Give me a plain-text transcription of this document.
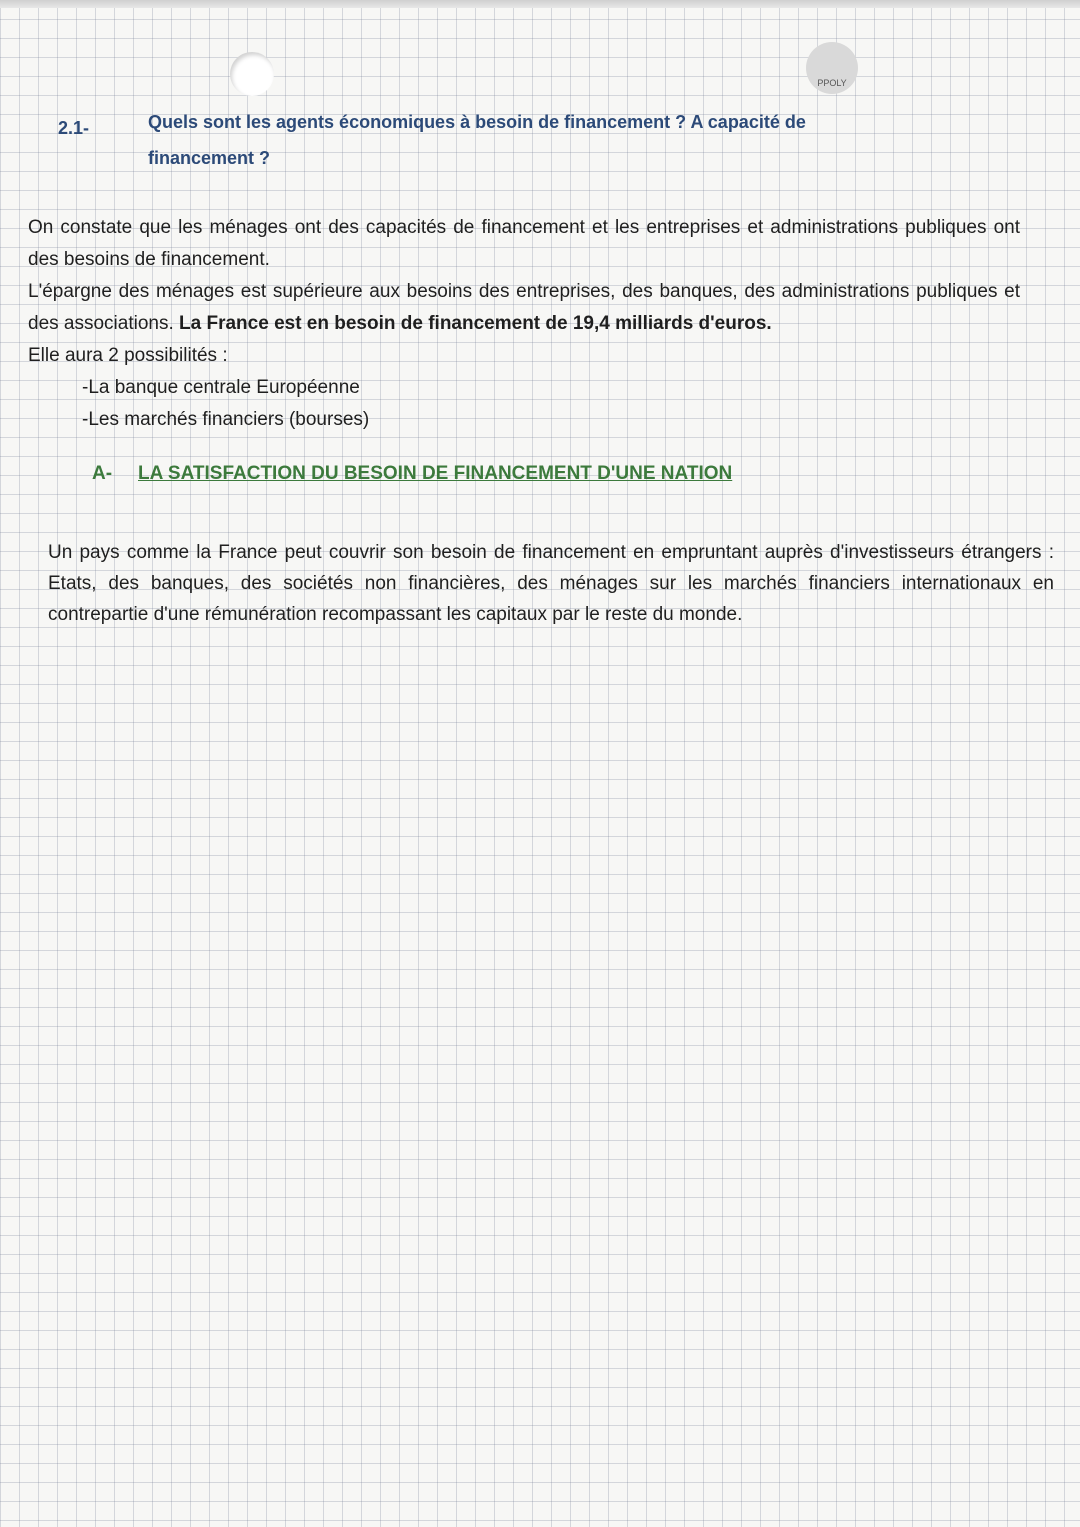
PPOLY
2.1-	Quels sont les agents économiques à besoin de financement ? A capacité de financement ?

On constate que les ménages ont des capacités de financement et les entreprises et administrations publiques ont des besoins de financement.

L'épargne des ménages est supérieure aux besoins des entreprises, des banques, des administrations publiques et des associations. La France est en besoin de financement de 19,4 milliards d'euros.

Elle aura 2 possibilités :

-La banque centrale Européenne
-Les marchés financiers (bourses)
A- LA SATISFACTION DU BESOIN DE FINANCEMENT D'UNE NATION

Un pays comme la France peut couvrir son besoin de financement en empruntant auprès d'investisseurs étrangers : Etats, des banques, des sociétés non financières, des ménages sur les marchés financiers internationaux en contrepartie d'une rémunération recompassant les capitaux par le reste du monde.
